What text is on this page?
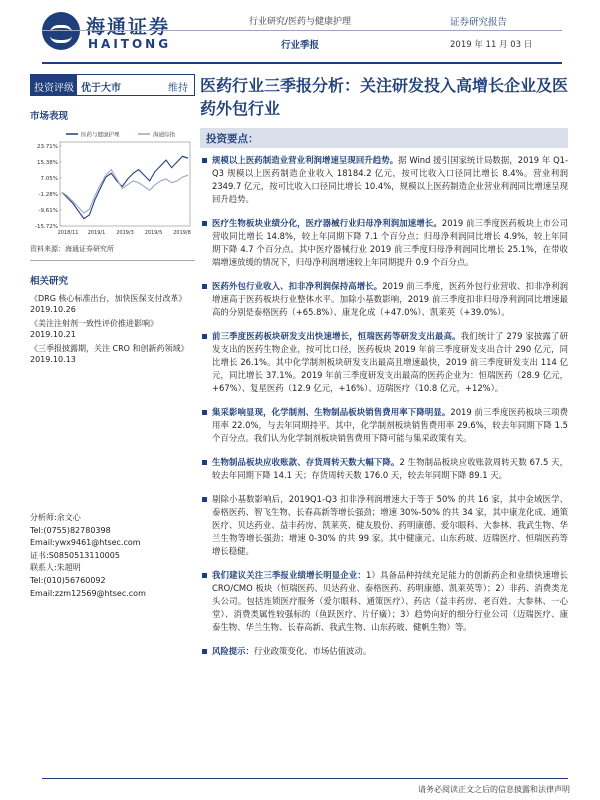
海通证券
HAITONG
行业研究/医药与健康护理
行业季报
证券研究报告
2019 年 11 月 03 日
投资评级 优于大市	维持
市场表现
医药与健康护理	海通综指
23.71%
15.38%
7.05%
-1.28%
-9.61%
-15.72%
2018/11 2019/1 2019/3 2019/5 2019/8
资料来源：海通证券研究所
相关研究
《DRG 核心标准出台，加快医保支付改革》
2019.10.26
《美注注射剂一致性评价推进影响》
2019.10.21
《三季报披露期，关注 CRO 和创新药领域》
2019.10.13
分析师:余文心
Tel:(0755)82780398
Email:ywx9461@htsec.com
证书:S0850513110005
联系人:朱超明
Tel:(010)56760092
Email:zzm12569@htsec.com
医药行业三季报分析：关注研发投入高增长企业及医药外包行业
投资要点：
规模以上医药制造业营业利润增速呈现回升趋势。据 Wind 援引国家统计局数据，2019 年 Q1-Q3 规模以上医药制造企业收入 18184.2 亿元，按可比收入口径同比增长 8.4%。营业利润 2349.7 亿元，按可比收入口径同比增长 10.4%，规模以上医药制造企业营业利润同比增速呈现回升趋势。
医疗生物板块业绩分化，医疗器械行业归母净利润加速增长。2019 前三季度医药板块上市公司营收同比增长 14.8%，较上年同期下降 7.1 个百分点；归母净利润同比增长 4.9%，较上年同期下降 4.7 个百分点。其中医疗器械行业 2019 前三季度归母净利润同比增长 25.1%，在带收端增速放缓的情况下，归母净利润增速较上年同期提升 0.9 个百分点。
医药外包行业收入、扣非净利润保持高增长。2019 前三季度，医药外包行业营收、扣非净利润增速高于医药板块行业整体水平。加除小基数影响，2019 前三季度扣非归母净利润同比增速最高的分别是泰格医药（+65.8%）、康龙化成（+47.0%）、凯莱英（+39.0%）。
前三季度医药板块研发支出快速增长，恒瑞医药等研发支出最高。我们统计了 279 家披露了研发支出的医药生物企业，按可比口径，医药板块 2019 年前三季度研发支出合计 290 亿元，同比增长 26.1%。其中化学制剂板块研发支出最高且增速最快，2019 前三季度研发支出 114 亿元，同比增长 37.1%。2019 年前三季度研发支出最高的医药企业为：恒瑞医药（28.9 亿元，+67%）、复星医药（12.9 亿元，+16%）、迈瑞医疗（10.8 亿元，+12%）。
集采影响显现，化学制剂、生物制品板块销售费用率下降明显。2019 前三季度医药板块三项费用率 22.0%，与去年同期持平。其中，化学制剂板块销售费用率 29.6%，较去年同期下降 1.5 个百分点。我们认为化学制剂板块销售费用下降可能与集采政策有关。
生物制品板块应收账款、存货周转天数大幅下降。2 生物制品板块应收账款周转天数 67.5 天，较去年同期下降 14.1 天；存货周转天数 176.0 天，较去年同期下降 89.1 天。
剔除小基数影响后，2019Q1-Q3 扣非净利润增速大于等于 50% 的共 16 家，其中金域医学、泰格医药、智飞生物、长春高新等增长强劲；增速 30%-50% 的共 34 家，其中康龙化成、通策医疗、贝达药业、益丰药房、凯莱英、健友股份、药明康德、爱尔眼科、大参林、我武生物、华兰生物等增长强劲；增速 0-30% 的共 99 家。其中健康元、山东药玻、迈瑞医疗、恒瑞医药等增长稳健。
我们建议关注三季报业绩增长明显企业：1）具备品种持续充足能力的创新药企和业绩快速增长 CRO/CMO 板块（恒瑞医药、贝达药业、泰格医药、药明康德、凯莱英等）；2）非药、消费类龙头公司。包括连锁医疗服务（爱尔眼科、通策医疗）、药店（益丰药房、老百姓、大参林、一心堂）、消费类属性较强标的（鱼跃医疗、片仔癀）；3）趋势向好的细分行业公司（迈瑞医疗、康泰生物、华兰生物、长春高新、我武生物、山东药玻、健帆生物）等。
风险提示：行业政策变化、市场估值波动。
请务必阅读正文之后的信息披露和法律声明
